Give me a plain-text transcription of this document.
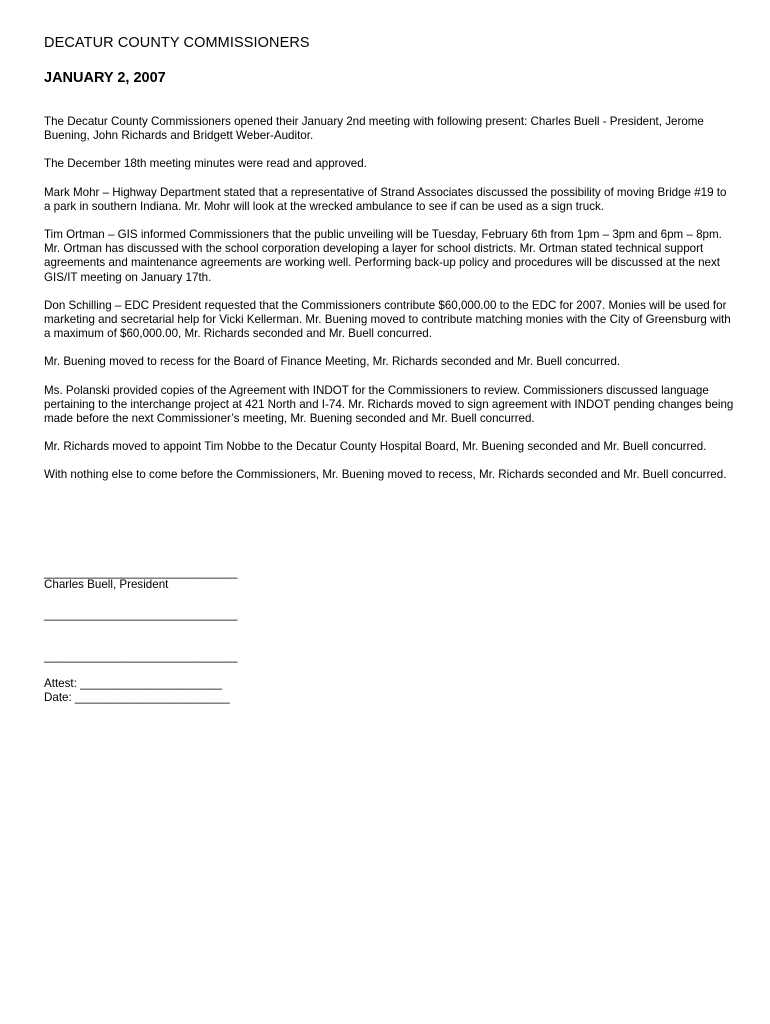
DECATUR COUNTY COMMISSIONERS
JANUARY 2, 2007

The Decatur County Commissioners opened their January 2nd meeting with following present: Charles Buell - President, Jerome Buening, John Richards and Bridgett Weber-Auditor.

The December 18th meeting minutes were read and approved.

Mark Mohr – Highway Department stated that a representative of Strand Associates discussed the possibility of moving Bridge #19 to a park in southern Indiana. Mr. Mohr will look at the wrecked ambulance to see if can be used as a sign truck.

Tim Ortman – GIS informed Commissioners that the public unveiling will be Tuesday, February 6th from 1pm – 3pm and 6pm – 8pm. Mr. Ortman has discussed with the school corporation developing a layer for school districts. Mr. Ortman stated technical support agreements and maintenance agreements are working well. Performing back-up policy and procedures will be discussed at the next GIS/IT meeting on January 17th.

Don Schilling – EDC President requested that the Commissioners contribute $60,000.00 to the EDC for 2007. Monies will be used for marketing and secretarial help for Vicki Kellerman. Mr. Buening moved to contribute matching monies with the City of Greensburg with a maximum of $60,000.00, Mr. Richards seconded and Mr. Buell concurred.

Mr. Buening moved to recess for the Board of Finance Meeting, Mr. Richards seconded and Mr. Buell concurred.

Ms. Polanski provided copies of the Agreement with INDOT for the Commissioners to review. Commissioners discussed language pertaining to the interchange project at 421 North and I-74. Mr. Richards moved to sign agreement with INDOT pending changes being made before the next Commissioner’s meeting, Mr. Buening seconded and Mr. Buell concurred.

Mr. Richards moved to appoint Tim Nobbe to the Decatur County Hospital Board, Mr. Buening seconded and Mr. Buell concurred.

With nothing else to come before the Commissioners, Mr. Buening moved to recess, Mr. Richards seconded and Mr. Buell concurred.

______________________________
Charles Buell, President
______________________________
______________________________
Attest: ______________________
Date: ________________________
